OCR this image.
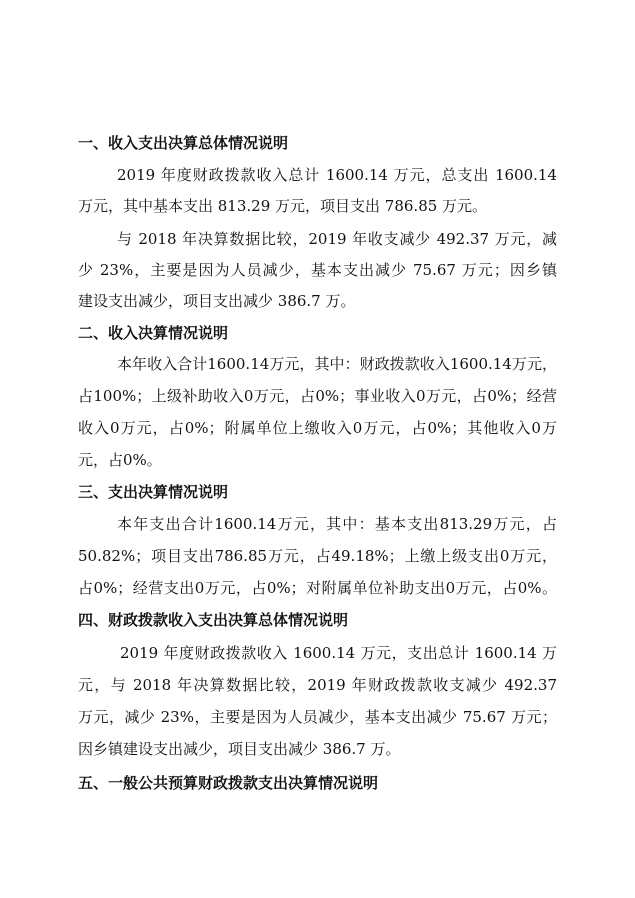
一、收入支出决算总体情况说明
2019 年度财政拨款收入总计 1600.14 万元，总支出 1600.14
万元，其中基本支出 813.29 万元，项目支出 786.85 万元。
与 2018 年决算数据比较，2019 年收支减少 492.37 万元，减
少 23%，主要是因为人员减少，基本支出减少 75.67 万元；因乡镇
建设支出减少，项目支出减少 386.7 万。
二、收入决算情况说明
本年收入合计1600.14万元，其中：财政拨款收入1600.14万元，
占100%；上级补助收入0万元，占0%；事业收入0万元，占0%；经营
收入0万元，占0%；附属单位上缴收入0万元，占0%；其他收入0万
元，占0%。
三、支出决算情况说明
本年支出合计1600.14万元，其中：基本支出813.29万元，占
50.82%；项目支出786.85万元，占49.18%；上缴上级支出0万元，
占0%；经营支出0万元，占0%；对附属单位补助支出0万元，占0%。
四、财政拨款收入支出决算总体情况说明
2019 年度财政拨款收入 1600.14 万元，支出总计 1600.14 万
元，与 2018 年决算数据比较，2019 年财政拨款收支减少 492.37
万元，减少 23%，主要是因为人员减少，基本支出减少 75.67 万元；
因乡镇建设支出减少，项目支出减少 386.7 万。
五、一般公共预算财政拨款支出决算情况说明
